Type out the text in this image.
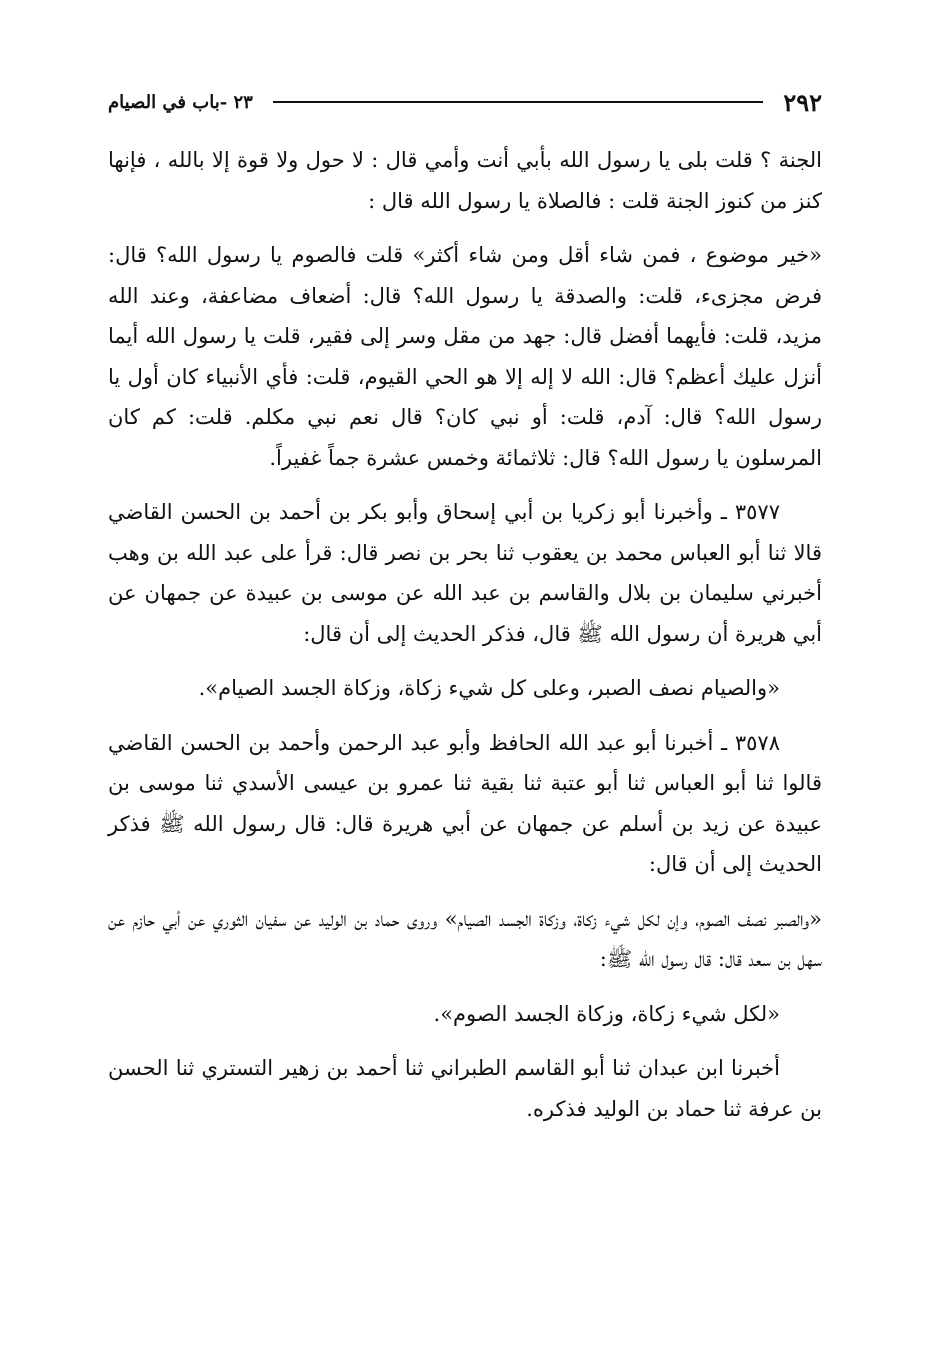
٢٩٢
٢٣ -باب في الصيام

الجنة ؟ قلت بلى يا رسول الله بأبي أنت وأمي قال : لا حول ولا قوة إلا بالله ، فإنها كنز من كنوز الجنة قلت : فالصلاة يا رسول الله قال :

«خير موضوع ، فمن شاء أقل ومن شاء أكثر» قلت فالصوم يا رسول الله؟ قال: فرض مجزىء، قلت: والصدقة يا رسول الله؟ قال: أضعاف مضاعفة، وعند الله مزيد، قلت: فأيهما أفضل قال: جهد من مقل وسر إلى فقير، قلت يا رسول الله أيما أنزل عليك أعظم؟ قال: الله لا إله إلا هو الحي القيوم، قلت: فأي الأنبياء كان أول يا رسول الله؟ قال: آدم، قلت: أو نبي كان؟ قال نعم نبي مكلم. قلت: كم كان المرسلون يا رسول الله؟ قال: ثلاثمائة وخمس عشرة جماً غفيراً.

٣٥٧٧ ـ وأخبرنا أبو زكريا بن أبي إسحاق وأبو بكر بن أحمد بن الحسن القاضي قالا ثنا أبو العباس محمد بن يعقوب ثنا بحر بن نصر قال: قرأ على عبد الله بن وهب أخبرني سليمان بن بلال والقاسم بن عبد الله عن موسى بن عبيدة عن جمهان عن أبي هريرة أن رسول الله ﷺ قال، فذكر الحديث إلى أن قال:

«والصيام نصف الصبر، وعلى كل شيء زكاة، وزكاة الجسد الصيام».

٣٥٧٨ ـ أخبرنا أبو عبد الله الحافظ وأبو عبد الرحمن وأحمد بن الحسن القاضي قالوا ثنا أبو العباس ثنا أبو عتبة ثنا بقية ثنا عمرو بن عيسى الأسدي ثنا موسى بن عبيدة عن زيد بن أسلم عن جمهان عن أبي هريرة قال: قال رسول الله ﷺ فذكر الحديث إلى أن قال:

«والصبر نصف الصوم، وإن لكل شيء زكاة، وزكاة الجسد الصيام» وروى حماد بن الوليد عن سفيان الثوري عن أبي حازم عن سهل بن سعد قال: قال رسول الله ﷺ:

«لكل شيء زكاة، وزكاة الجسد الصوم».

أخبرنا ابن عبدان ثنا أبو القاسم الطبراني ثنا أحمد بن زهير التستري ثنا الحسن بن عرفة ثنا حماد بن الوليد فذكره.
